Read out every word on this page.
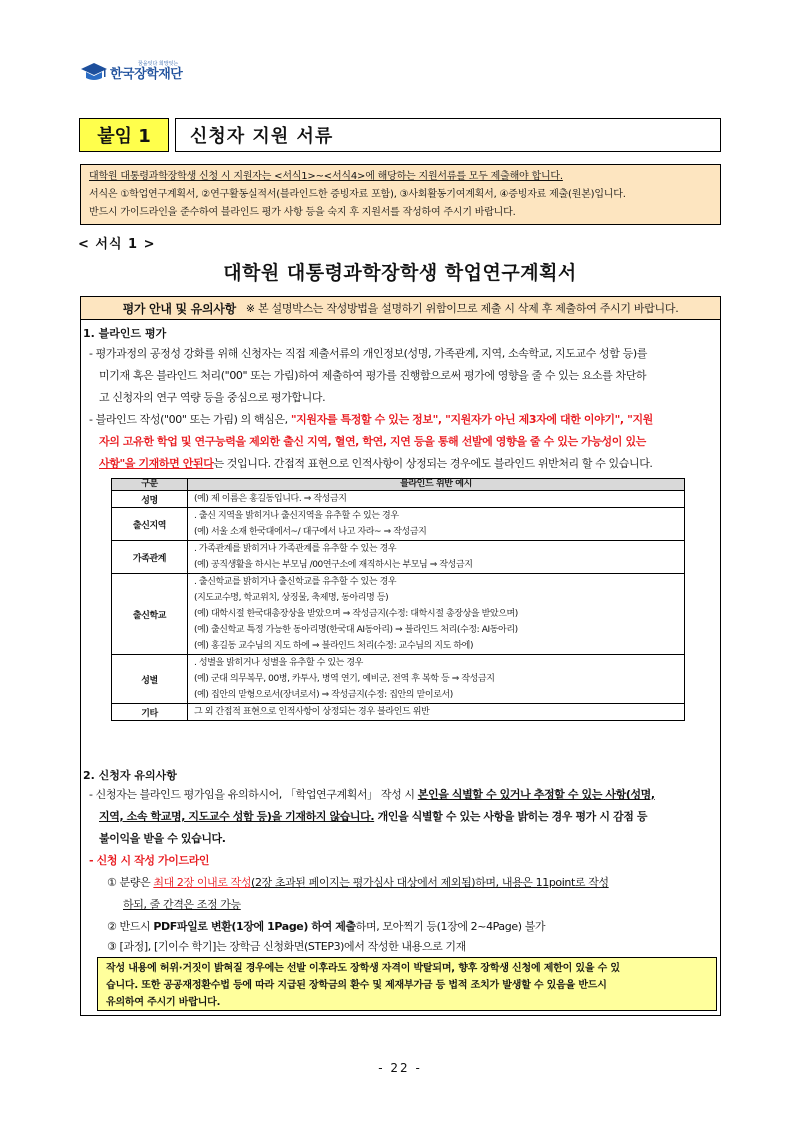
꿈을잇다 희망잇는
한국장학재단
붙임 1	신청자 지원 서류
대학원 대통령과학장학생 신청 시 지원자는 <서식1>~<서식4>에 해당하는 지원서류를 모두 제출해야 합니다.
서식은 ①학업연구계획서, ②연구활동실적서(블라인드한 증빙자료 포함), ③사회활동기여계획서, ④증빙자료 제출(원본)입니다.
반드시 가이드라인을 준수하여 블라인드 평가 사항 등을 숙지 후 지원서를 작성하여 주시기 바랍니다.
< 서식 1 >
대학원 대통령과학장학생 학업연구계획서
평가 안내 및 유의사항 ※ 본 설명박스는 작성방법을 설명하기 위함이므로 제출 시 삭제 후 제출하여 주시기 바랍니다.
1. 블라인드 평가
- 평가과정의 공정성 강화를 위해 신청자는 직접 제출서류의 개인정보(성명, 가족관계, 지역, 소속학교, 지도교수 성함 등)를
미기재 혹은 블라인드 처리("00" 또는 가림)하여 제출하여 평가를 진행함으로써 평가에 영향을 줄 수 있는 요소를 차단하
고 신청자의 연구 역량 등을 중심으로 평가합니다.
- 블라인드 작성("00" 또는 가림) 의 핵심은, "지원자를 특정할 수 있는 정보", "지원자가 아닌 제3자에 대한 이야기", "지원
자의 고유한 학업 및 연구능력을 제외한 출신 지역, 혈연, 학연, 지연 등을 통해 선발에 영향을 줄 수 있는 가능성이 있는
사항"을 기재하면 안된다는 것입니다. 간접적 표현으로 인적사항이 상정되는 경우에도 블라인드 위반처리 할 수 있습니다.
구분	블라인드 위반 예시
성명	(예) 제 이름은 홍길동입니다. ⇒ 작성금지

출신지역	. 출신 지역을 밝히거나 출신지역을 유추할 수 있는 경우
(예) 서울 소재 한국대에서~/ 대구에서 나고 자라~ ⇒ 작성금지

가족관계	. 가족관계를 밝히거나 가족관계를 유추할 수 있는 경우
(예) 공직생활을 하시는 부모님 /00연구소에 재직하시는 부모님 ⇒ 작성금지

출신학교	. 출신학교를 밝히거나 출신학교를 유추할 수 있는 경우
(지도교수명, 학교위치, 상징물, 축제명, 동아리명 등)
(예) 대학시절 한국대총장상을 받았으며 ⇒ 작성금지(수정: 대학시절 총장상을 받았으며)
(예) 출신학교 특정 가능한 동아리명(한국대 AI동아리) ⇒ 블라인드 처리(수정: AI동아리)
(예) 홍길동 교수님의 지도 하에 ⇒ 블라인드 처리(수정: 교수님의 지도 하에)

성별	. 성별을 밝히거나 성별을 유추할 수 있는 경우
(예) 군대 의무복무, 00병, 카투사, 병역 연기, 예비군, 전역 후 복학 등 ⇒ 작성금지
(예) 집안의 맏형으로서(장녀로서) ⇒ 작성금지(수정: 집안의 맏이로서)

기타	그 외 간접적 표현으로 인적사항이 상정되는 경우 블라인드 위반
2. 신청자 유의사항
- 신청자는 블라인드 평가임을 유의하시어, 「학업연구계획서」 작성 시 본인을 식별할 수 있거나 추정할 수 있는 사항(성명,
지역, 소속 학교명, 지도교수 성함 등)을 기재하지 않습니다. 개인을 식별할 수 있는 사항을 밝히는 경우 평가 시 감점 등
불이익을 받을 수 있습니다.
- 신청 시 작성 가이드라인
① 분량은 최대 2장 이내로 작성(2장 초과된 페이지는 평가심사 대상에서 제외됨)하며, 내용은 11point로 작성
하되, 줄 간격은 조정 가능
② 반드시 PDF파일로 변환(1장에 1Page) 하여 제출하며, 모아찍기 등(1장에 2~4Page) 불가
③ [과정], [기이수 학기]는 장학금 신청화면(STEP3)에서 작성한 내용으로 기재
작성 내용에 허위·거짓이 밝혀질 경우에는 선발 이후라도 장학생 자격이 박탈되며, 향후 장학생 신청에 제한이 있을 수 있
습니다. 또한 공공재정환수법 등에 따라 지급된 장학금의 환수 및 제재부가금 등 법적 조치가 발생할 수 있음을 반드시
유의하여 주시기 바랍니다.
- 22 -
